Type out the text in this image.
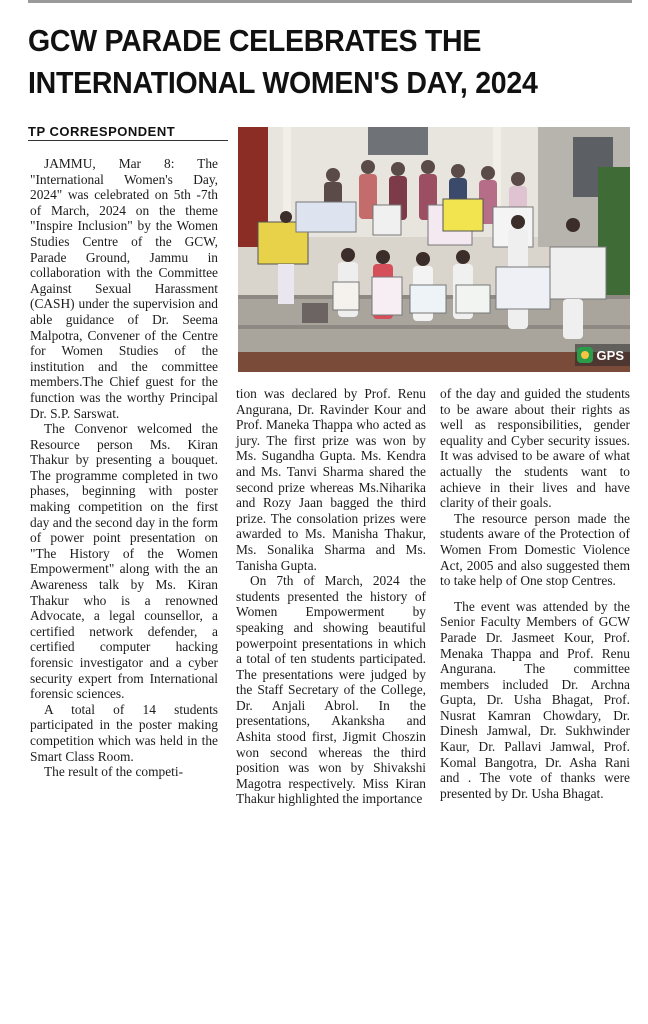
GCW PARADE CELEBRATES THE
INTERNATIONAL WOMEN'S DAY, 2024
TP CORRESPONDENT

JAMMU, Mar 8: The "International Women's Day, 2024" was celebrated on 5th -7th of March, 2024 on the theme "Inspire Inclusion" by the Women Studies Centre of the GCW, Parade Ground, Jammu in collaboration with the Committee Against Sexual Harassment (CASH) under the supervision and able guidance of Dr. Seema Malpotra, Convener of the Centre for Women Studies of the institution and the committee members.The Chief guest for the function was the worthy Principal Dr. S.P. Sarswat.

The Convenor welcomed the Resource person Ms. Kiran Thakur by presenting a bouquet. The programme completed in two phases, beginning with poster making competition on the first day and the second day in the form of power point presentation on "The History of the Women Empowerment" along with the an Awareness talk by Ms. Kiran Thakur who is a renowned Advocate, a legal counsellor, a certified network defender, a certified computer hacking forensic investigator and a cyber security expert from International forensic sciences.

A total of 14 students participated in the poster making competition which was held in the Smart Class Room.

The result of the competi-

GPS

tion was declared by Prof. Renu Angurana, Dr. Ravinder Kour and Prof. Maneka Thappa who acted as jury. The first prize was won by Ms. Sugandha Gupta. Ms. Kendra and Ms. Tanvi Sharma shared the second prize whereas Ms.Niharika and Rozy Jaan bagged the third prize. The consolation prizes were awarded to Ms. Manisha Thakur, Ms. Sonalika Sharma and Ms. Tanisha Gupta.

On 7th of March, 2024 the students presented the history of Women Empowerment by speaking and showing beautiful powerpoint presentations in which a total of ten students participated. The presentations were judged by the Staff Secretary of the College, Dr. Anjali Abrol. In the presentations, Akanksha and Ashita stood first, Jigmit Choszin won second whereas the third position was won by Shivakshi Magotra respectively. Miss Kiran Thakur highlighted the importance

of the day and guided the students to be aware about their rights as well as responsibilities, gender equality and Cyber security issues. It was advised to be aware of what actually the students want to achieve in their lives and have clarity of their goals.

The resource person made the students aware of the Protection of Women From Domestic Violence Act, 2005 and also suggested them to take help of One stop Centres.

The event was attended by the Senior Faculty Members of GCW Parade Dr. Jasmeet Kour, Prof. Menaka Thappa and Prof. Renu Angurana. The committee members included Dr. Archna Gupta, Dr. Usha Bhagat, Prof. Nusrat Kamran Chowdary, Dr. Dinesh Jamwal, Dr. Sukhwinder Kaur, Dr. Pallavi Jamwal, Prof. Komal Bangotra, Dr. Asha Rani and . The vote of thanks were presented by Dr. Usha Bhagat.
